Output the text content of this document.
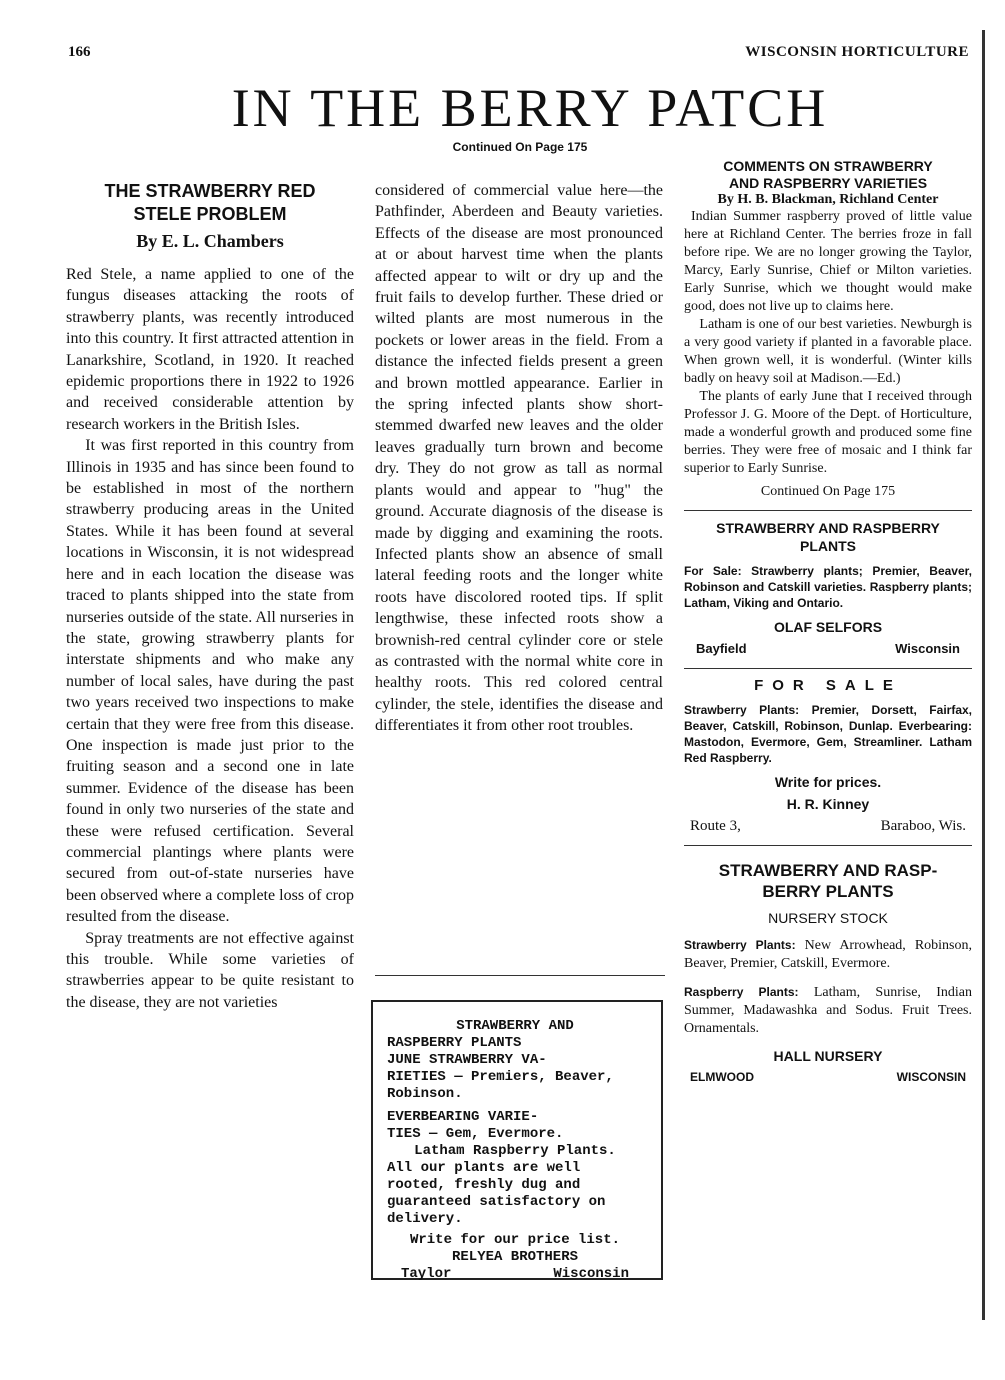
166	WISCONSIN HORTICULTURE
IN THE BERRY PATCH
Continued On Page 175
THE STRAWBERRY RED
STELE PROBLEM
By E. L. Chambers

Red Stele, a name applied to one of the fungus diseases attacking the roots of strawberry plants, was recently introduced into this country. It first attracted attention in Lanarkshire, Scotland, in 1920. It reached epidemic proportions there in 1922 to 1926 and received considerable attention by research workers in the British Isles.

It was first reported in this country from Illinois in 1935 and has since been found to be established in most of the northern strawberry producing areas in the United States. While it has been found at several locations in Wisconsin, it is not widespread here and in each location the disease was traced to plants shipped into the state from nurseries outside of the state. All nurseries in the state, growing strawberry plants for interstate shipments and who make any number of local sales, have during the past two years received two inspections to make certain that they were free from this disease. One inspection is made just prior to the fruiting season and a second one in late summer. Evidence of the disease has been found in only two nurseries of the state and these were refused certification. Several commercial plantings where plants were secured from out-of-state nurseries have been observed where a complete loss of crop resulted from the disease.

Spray treatments are not effective against this trouble. While some varieties of strawberries appear to be quite resistant to the disease, they are not varieties

considered of commercial value here—the Pathfinder, Aberdeen and Beauty varieties. Effects of the disease are most pronounced at or about harvest time when the plants affected appear to wilt or dry up and the fruit fails to develop further. These dried or wilted plants are most numerous in the pockets or lower areas in the field. From a distance the infected fields present a green and brown mottled appearance. Earlier in the spring infected plants show short-stemmed dwarfed new leaves and the older leaves gradually turn brown and become dry. They do not grow as tall as normal plants would and appear to "hug" the ground. Accurate diagnosis of the disease is made by digging and examining the roots. Infected plants show an absence of small lateral feeding roots and the longer white roots have discolored rooted tips. If split lengthwise, these infected roots show a brownish-red central cylinder core or stele as contrasted with the normal white core in healthy roots. This red colored central cylinder, the stele, identifies the disease and differentiates it from other root troubles.

STRAWBERRY AND
RASPBERRY PLANTS
JUNE STRAWBERRY VA-
RIETIES — Premiers, Beaver, Robinson.
EVERBEARING VARIE-
TIES — Gem, Evermore.
Latham Raspberry Plants.
All our plants are well rooted, freshly dug and guaranteed satisfactory on delivery.
Write for our price list.
RELYEA BROTHERS
Taylor	Wisconsin
COMMENTS ON STRAWBERRY
AND RASPBERRY VARIETIES
By H. B. Blackman, Richland Center

Indian Summer raspberry proved of little value here at Richland Center. The berries froze in fall before ripe. We are no longer growing the Taylor, Marcy, Early Sunrise, Chief or Milton varieties. Early Sunrise, which we thought would make good, does not live up to claims here.

Latham is one of our best varieties. Newburgh is a very good variety if planted in a favorable place. When grown well, it is wonderful. (Winter kills badly on heavy soil at Madison.—Ed.)

The plants of early June that I received through Professor J. G. Moore of the Dept. of Horticulture, made a wonderful growth and produced some fine berries. They were free of mosaic and I think far superior to Early Sunrise.

Continued On Page 175
STRAWBERRY AND RASPBERRY
PLANTS

For Sale: Strawberry plants; Premier, Beaver, Robinson and Catskill varieties. Raspberry plants; Latham, Viking and Ontario.

OLAF SELFORS
Bayfield	Wisconsin
FOR SALE

Strawberry Plants: Premier, Dorsett, Fairfax, Beaver, Catskill, Robinson, Dunlap. Everbearing: Mastodon, Evermore, Gem, Streamliner. Latham Red Raspberry.

Write for prices.
H. R. Kinney
Route 3,	Baraboo, Wis.
STRAWBERRY AND RASP-
BERRY PLANTS
NURSERY STOCK

Strawberry Plants: New Arrowhead, Robinson, Beaver, Premier, Catskill, Evermore.

Raspberry Plants: Latham, Sunrise, Indian Summer, Madawashka and Sodus. Fruit Trees. Ornamentals.

HALL NURSERY
ELMWOOD	WISCONSIN
